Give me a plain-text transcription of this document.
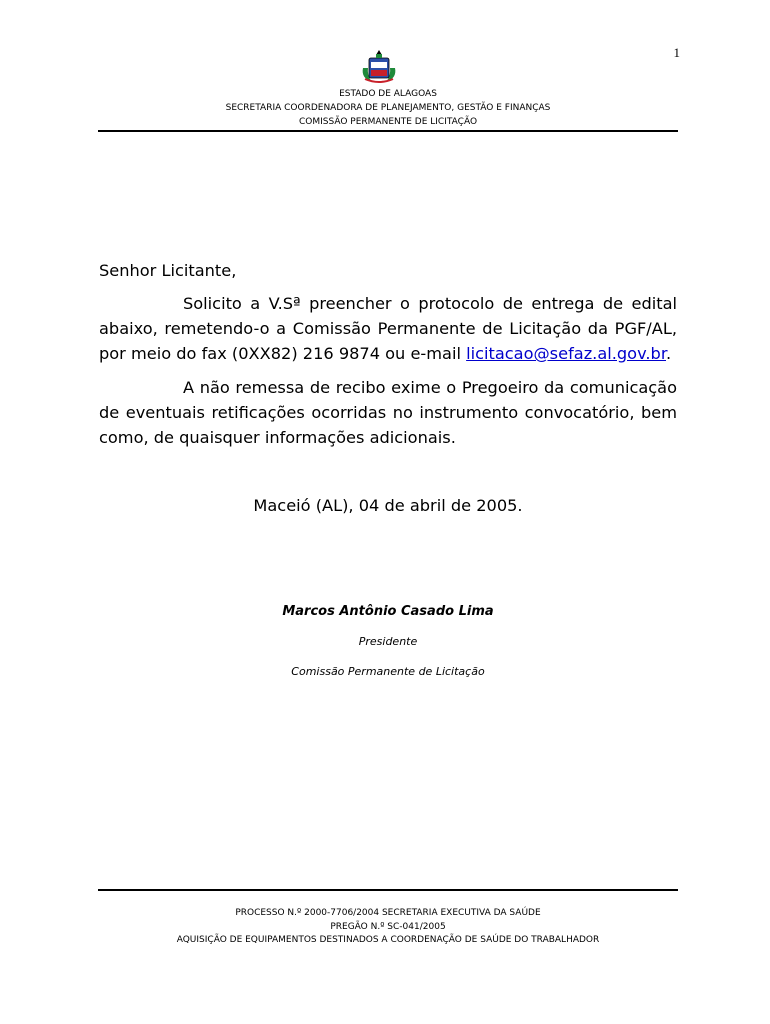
1
ESTADO DE ALAGOAS
SECRETARIA COORDENADORA DE PLANEJAMENTO, GESTÃO E FINANÇAS
COMISSÃO PERMANENTE DE LICITAÇÃO
Senhor Licitante,
Solicito a V.Sª preencher o protocolo de entrega de edital abaixo, remetendo-o a Comissão Permanente de Licitação da PGF/AL, por meio do fax (0XX82) 216 9874 ou e-mail licitacao@sefaz.al.gov.br.
A não remessa de recibo exime o Pregoeiro da comunicação de eventuais retificações ocorridas no instrumento convocatório, bem como, de quaisquer informações adicionais.
Maceió (AL), 04 de abril de 2005.
Marcos Antônio Casado Lima
Presidente
Comissão Permanente de Licitação
PROCESSO N.º 2000-7706/2004 SECRETARIA EXECUTIVA DA SAÚDE
PREGÃO N.º SC-041/2005
AQUISIÇÃO DE EQUIPAMENTOS DESTINADOS A COORDENAÇÃO DE SAÚDE DO TRABALHADOR
